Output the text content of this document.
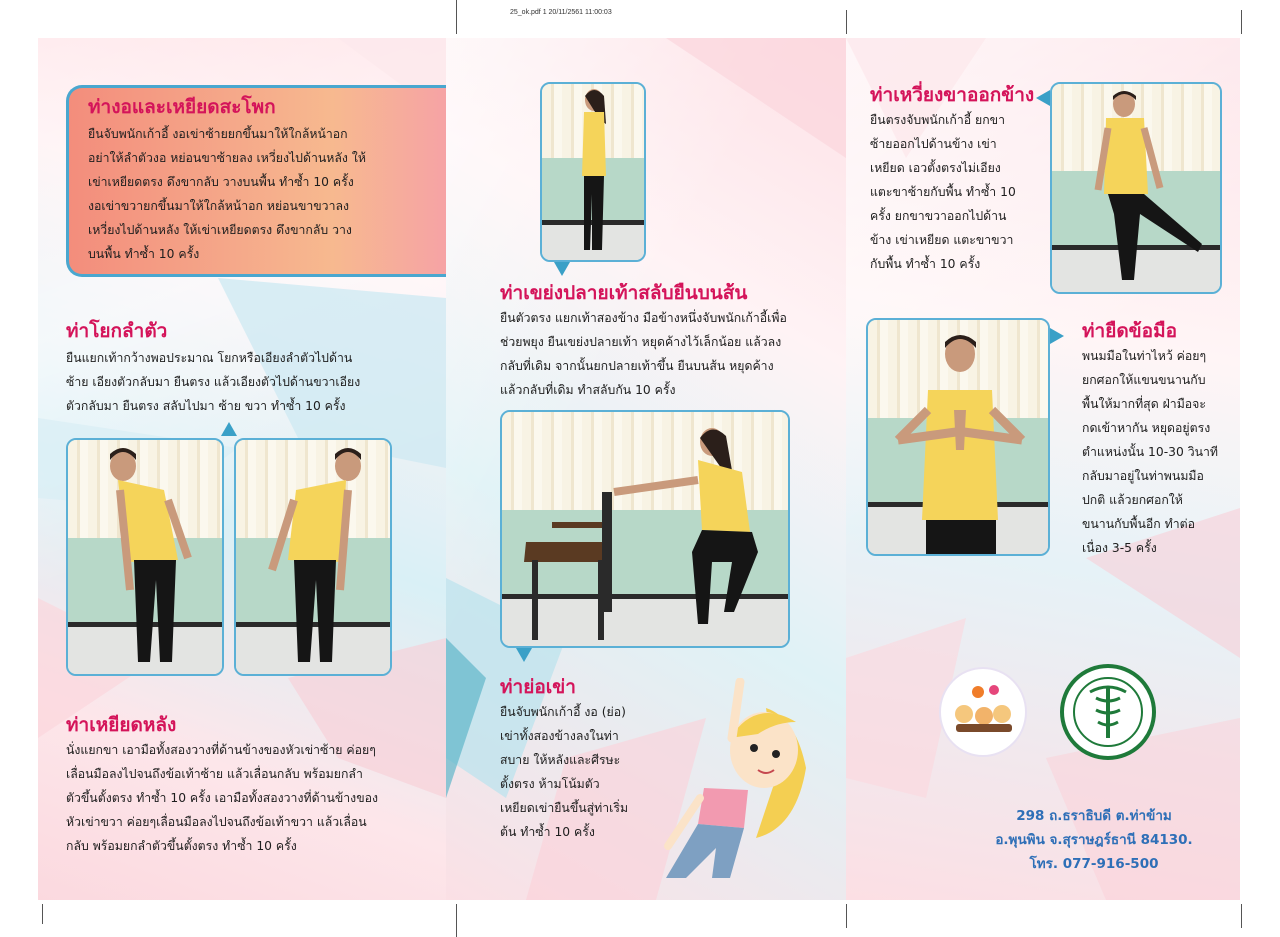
25_ok.pdf 1 20/11/2561 11:00:03
ท่างอและเหยียดสะโพก

ยืนจับพนักเก้าอี้ งอเข่าซ้ายยกขึ้นมาให้ใกล้หน้าอก
อย่าให้ลำตัวงอ หย่อนขาซ้ายลง เหวี่ยงไปด้านหลัง ให้
เข่าเหยียดตรง ดึงขากลับ วางบนพื้น ทำซ้ำ 10 ครั้ง
งอเข่าขวายกขึ้นมาให้ใกล้หน้าอก หย่อนขาขวาลง
เหวี่ยงไปด้านหลัง ให้เข่าเหยียดตรง ดึงขากลับ วาง
บนพื้น ทำซ้ำ 10 ครั้ง

ท่าโยกลำตัว

ยืนแยกเท้ากว้างพอประมาณ โยกหรือเอียงลำตัวไปด้าน
ซ้าย เอียงตัวกลับมา ยืนตรง แล้วเอียงตัวไปด้านขวาเอียง
ตัวกลับมา ยืนตรง สลับไปมา ซ้าย ขวา ทำซ้ำ 10 ครั้ง

ท่าเหยียดหลัง

นั่งแยกขา เอามือทั้งสองวางที่ด้านข้างของหัวเข่าซ้าย ค่อยๆ
เลื่อนมือลงไปจนถึงข้อเท้าซ้าย แล้วเลื่อนกลับ พร้อมยกลำ
ตัวขึ้นตั้งตรง ทำซ้ำ 10 ครั้ง เอามือทั้งสองวางที่ด้านข้างของ
หัวเข่าขวา ค่อยๆเลื่อนมือลงไปจนถึงข้อเท้าขวา แล้วเลื่อน
กลับ พร้อมยกลำตัวขึ้นตั้งตรง ทำซ้ำ 10 ครั้ง

ท่าเขย่งปลายเท้าสลับยืนบนส้น

ยืนตัวตรง แยกเท้าสองข้าง มือข้างหนึ่งจับพนักเก้าอี้เพื่อ
ช่วยพยุง ยืนเขย่งปลายเท้า หยุดค้างไว้เล็กน้อย แล้วลง
กลับที่เดิม จากนั้นยกปลายเท้าขึ้น ยืนบนส้น หยุดค้าง
แล้วกลับที่เดิม ทำสลับกัน 10 ครั้ง

ท่าย่อเข่า

ยืนจับพนักเก้าอี้ งอ (ย่อ)
เข่าทั้งสองข้างลงในท่า
สบาย ให้หลังและศีรษะ
ตั้งตรง ห้ามโน้มตัว
เหยียดเข่ายืนขึ้นสู่ท่าเริ่ม
ต้น ทำซ้ำ 10 ครั้ง

ท่าเหวี่ยงขาออกข้าง

ยืนตรงจับพนักเก้าอี้ ยกขา
ซ้ายออกไปด้านข้าง เข่า
เหยียด เอวตั้งตรงไม่เอียง
แตะขาซ้ายกับพื้น ทำซ้ำ 10
ครั้ง ยกขาขวาออกไปด้าน
ข้าง เข่าเหยียด แตะขาขวา
กับพื้น ทำซ้ำ 10 ครั้ง

ท่ายืดข้อมือ

พนมมือในท่าไหว้ ค่อยๆ
ยกศอกให้แขนขนานกับ
พื้นให้มากที่สุด ฝ่ามือจะ
กดเข้าหากัน หยุดอยู่ตรง
ตำแหน่งนั้น 10-30 วินาที
กลับมาอยู่ในท่าพนมมือ
ปกติ แล้วยกศอกให้
ขนานกับพื้นอีก ทำต่อ
เนื่อง 3-5 ครั้ง

298 ถ.ธราธิบดี ต.ท่าข้าม
อ.พุนพิน จ.สุราษฎร์ธานี 84130.
โทร. 077-916-500
